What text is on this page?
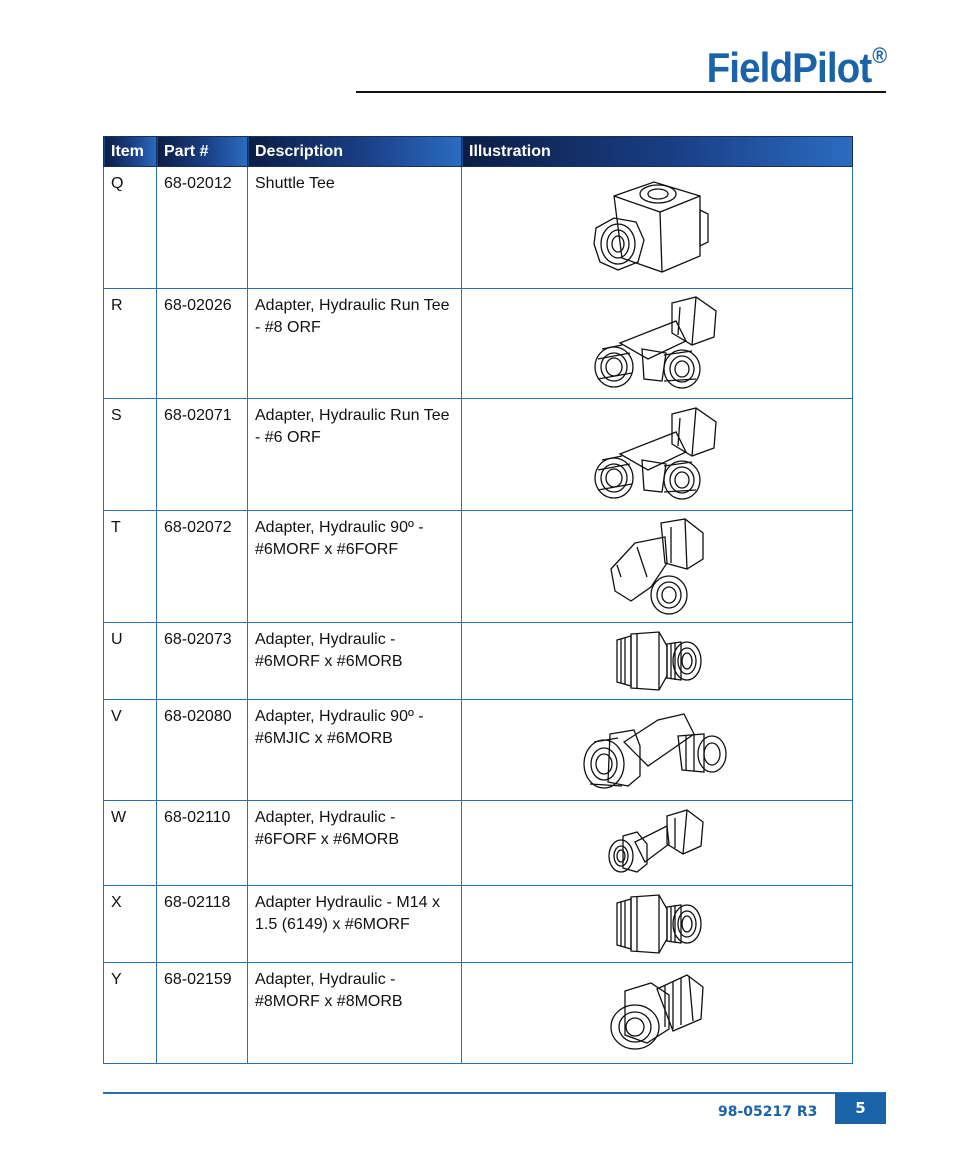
FieldPilot®
Item	Part #	Description	Illustration
Q	68-02012	Shuttle Tee	

R	68-02026	Adapter, Hydraulic Run Tee - #8 ORF	

S	68-02071	Adapter, Hydraulic Run Tee - #6 ORF	

T	68-02072	Adapter, Hydraulic 90º - #6MORF x #6FORF	

U	68-02073	Adapter, Hydraulic - #6MORF x #6MORB	

V	68-02080	Adapter, Hydraulic 90º - #6MJIC x #6MORB	

W	68-02110	Adapter, Hydraulic - #6FORF x #6MORB	

X	68-02118	Adapter Hydraulic - M14 x 1.5 (6149) x #6MORF	

Y	68-02159	Adapter, Hydraulic - #8MORF x #8MORB	
98-05217 R3	5
